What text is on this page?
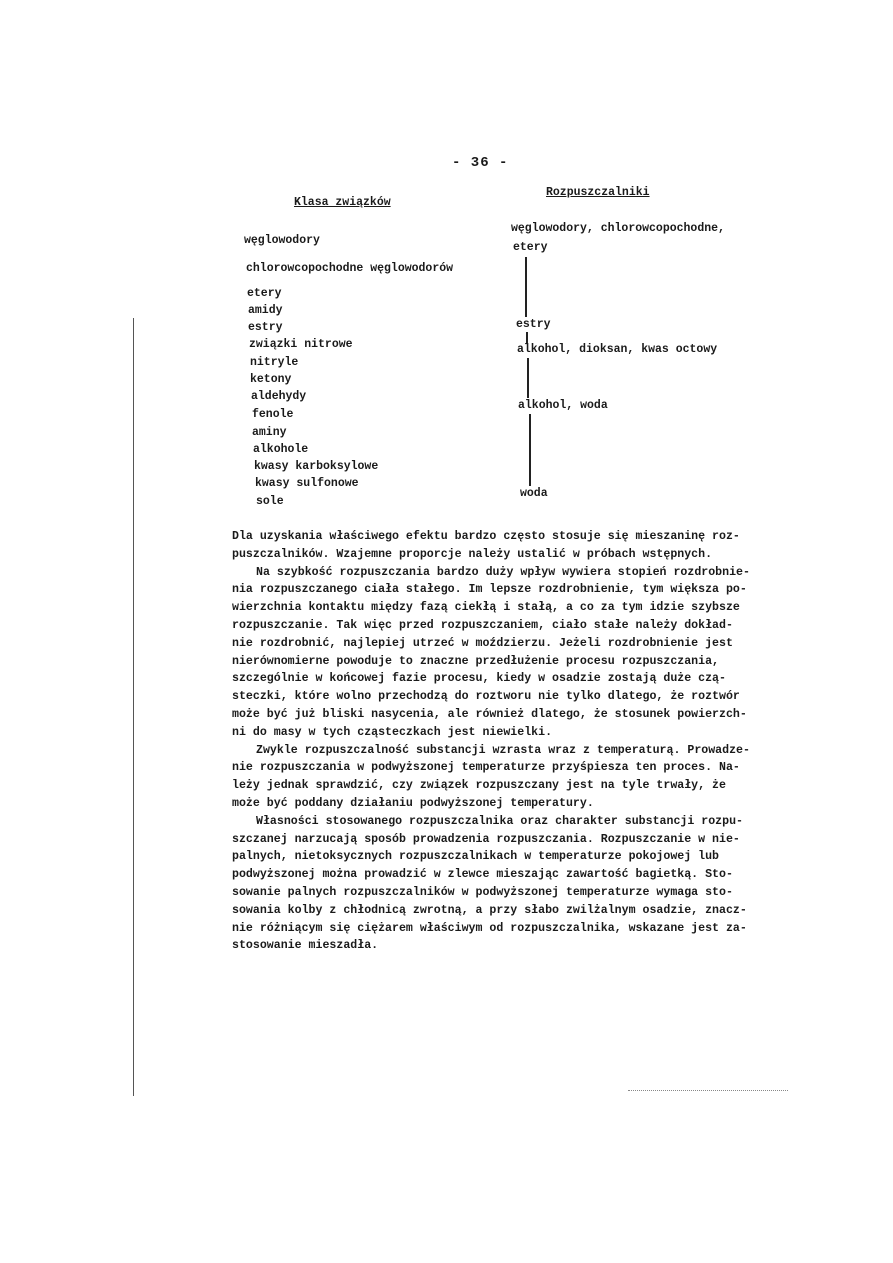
- 36 -
Klasa związków
Rozpuszczalniki
węglowodory
chlorowcopochodne węglowodorów
etery
amidy
estry
związki nitrowe
nitryle
ketony
aldehydy
fenole
aminy
alkohole
kwasy karboksylowe
kwasy sulfonowe
sole
węglowodory, chlorowcopochodne,
etery
estry
alkohol, dioksan, kwas octowy
alkohol, woda
woda
Dla uzyskania właściwego efektu bardzo często stosuje się mieszaninę roz-
puszczalników. Wzajemne proporcje należy ustalić w próbach wstępnych.
Na szybkość rozpuszczania bardzo duży wpływ wywiera stopień rozdrobnie-
nia rozpuszczanego ciała stałego. Im lepsze rozdrobnienie, tym większa po-
wierzchnia kontaktu między fazą ciekłą i stałą, a co za tym idzie szybsze
rozpuszczanie. Tak więc przed rozpuszczaniem, ciało stałe należy dokład-
nie rozdrobnić, najlepiej utrzeć w moździerzu. Jeżeli rozdrobnienie jest
nierównomierne powoduje to znaczne przedłużenie procesu rozpuszczania,
szczególnie w końcowej fazie procesu, kiedy w osadzie zostają duże czą-
steczki, które wolno przechodzą do roztworu nie tylko dlatego, że roztwór
może być już bliski nasycenia, ale również dlatego, że stosunek powierzch-
ni do masy w tych cząsteczkach jest niewielki.
Zwykle rozpuszczalność substancji wzrasta wraz z temperaturą. Prowadze-
nie rozpuszczania w podwyższonej temperaturze przyśpiesza ten proces. Na-
leży jednak sprawdzić, czy związek rozpuszczany jest na tyle trwały, że
może być poddany działaniu podwyższonej temperatury.
Własności stosowanego rozpuszczalnika oraz charakter substancji rozpu-
szczanej narzucają sposób prowadzenia rozpuszczania. Rozpuszczanie w nie-
palnych, nietoksycznych rozpuszczalnikach w temperaturze pokojowej lub
podwyższonej można prowadzić w zlewce mieszając zawartość bagietką. Sto-
sowanie palnych rozpuszczalników w podwyższonej temperaturze wymaga sto-
sowania kolby z chłodnicą zwrotną, a przy słabo zwilżalnym osadzie, znacz-
nie różniącym się ciężarem właściwym od rozpuszczalnika, wskazane jest za-
stosowanie mieszadła.
